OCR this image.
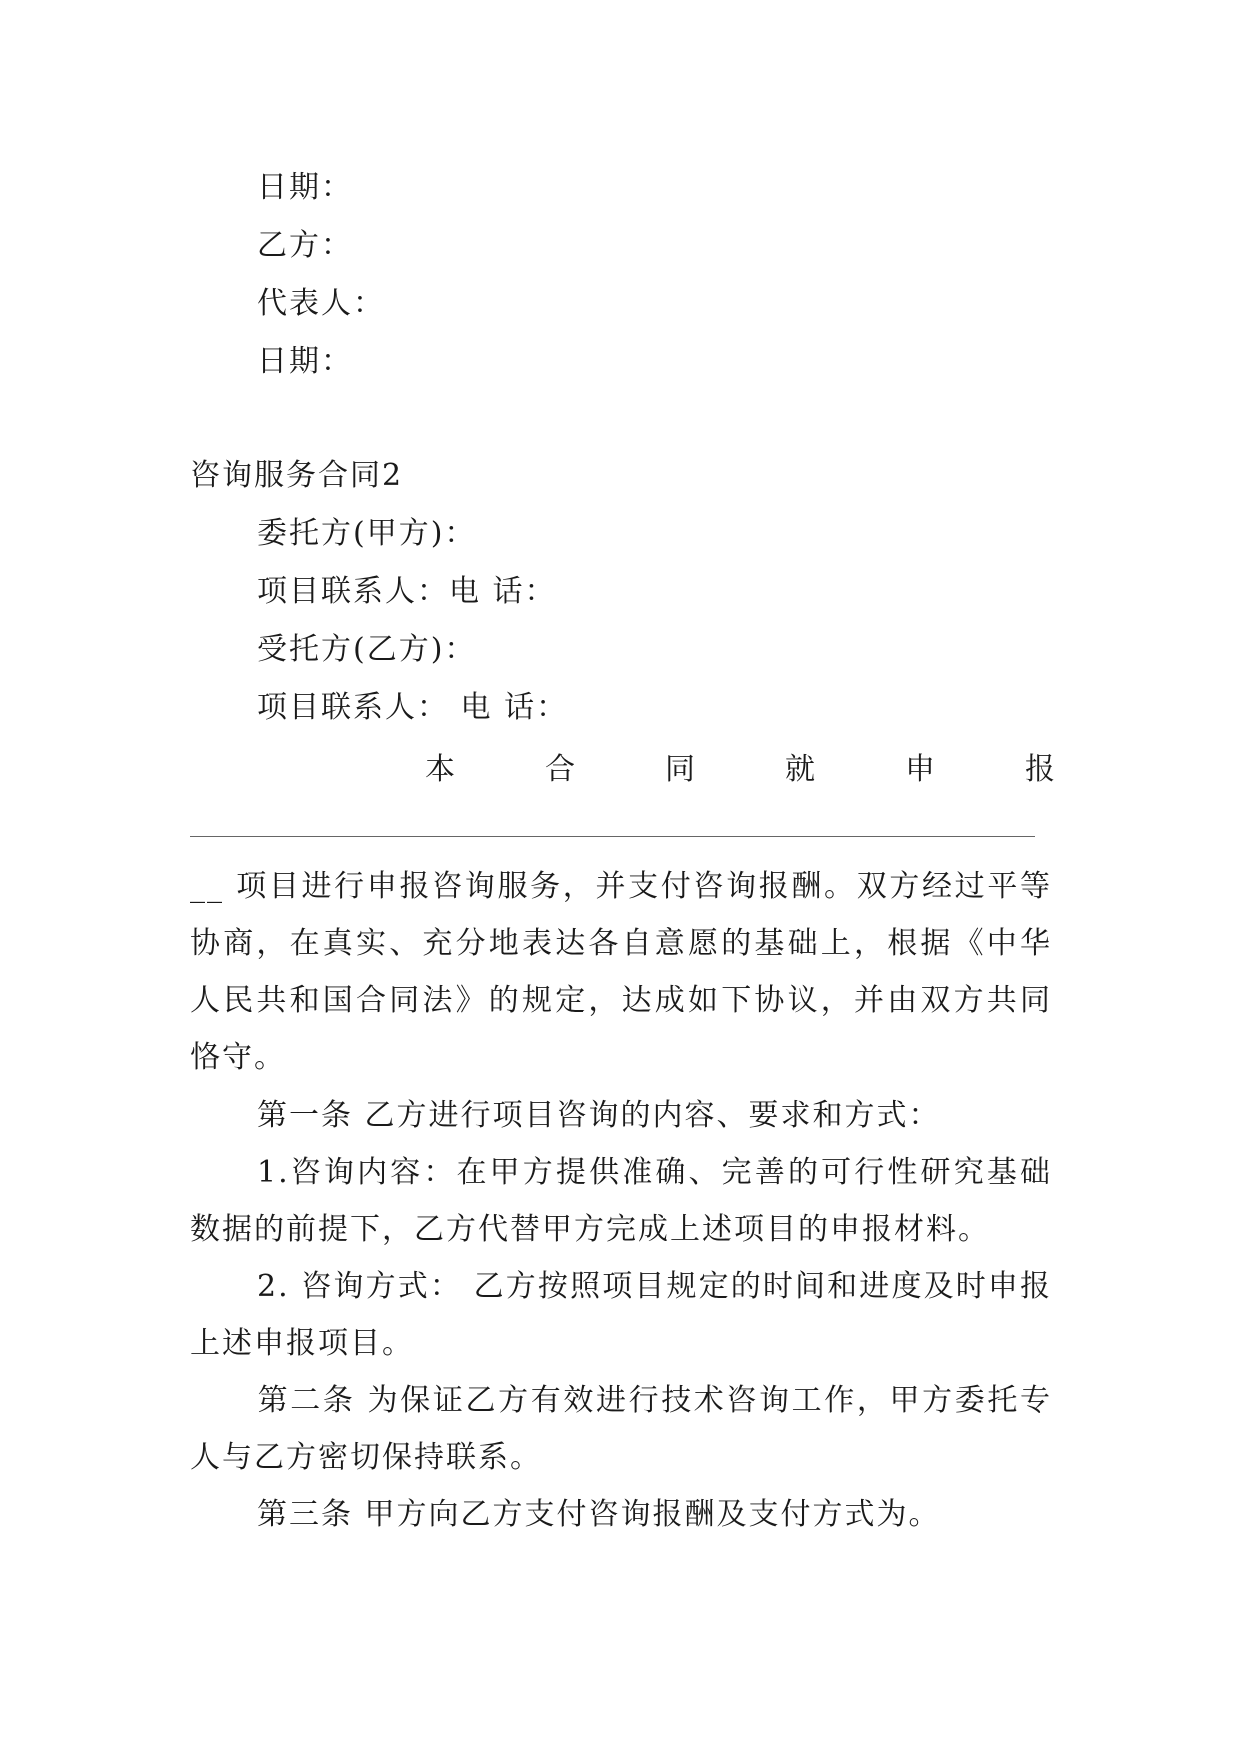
日期：
乙方：
代表人：
日期：
咨询服务合同2
委托方(甲方)：
项目联系人：电 话：
受托方(乙方)：
项目联系人： 电 话：
本	合	同	就	申	报
__ 项目进行申报咨询服务，并支付咨询报酬。双方经过平等协商，在真实、充分地表达各自意愿的基础上，根据《中华人民共和国合同法》的规定，达成如下协议，并由双方共同恪守。
第一条 乙方进行项目咨询的内容、要求和方式：
1.咨询内容：在甲方提供准确、完善的可行性研究基础数据的前提下，乙方代替甲方完成上述项目的申报材料。
2. 咨询方式： 乙方按照项目规定的时间和进度及时申报上述申报项目。
第二条 为保证乙方有效进行技术咨询工作，甲方委托专人与乙方密切保持联系。
第三条 甲方向乙方支付咨询报酬及支付方式为。
